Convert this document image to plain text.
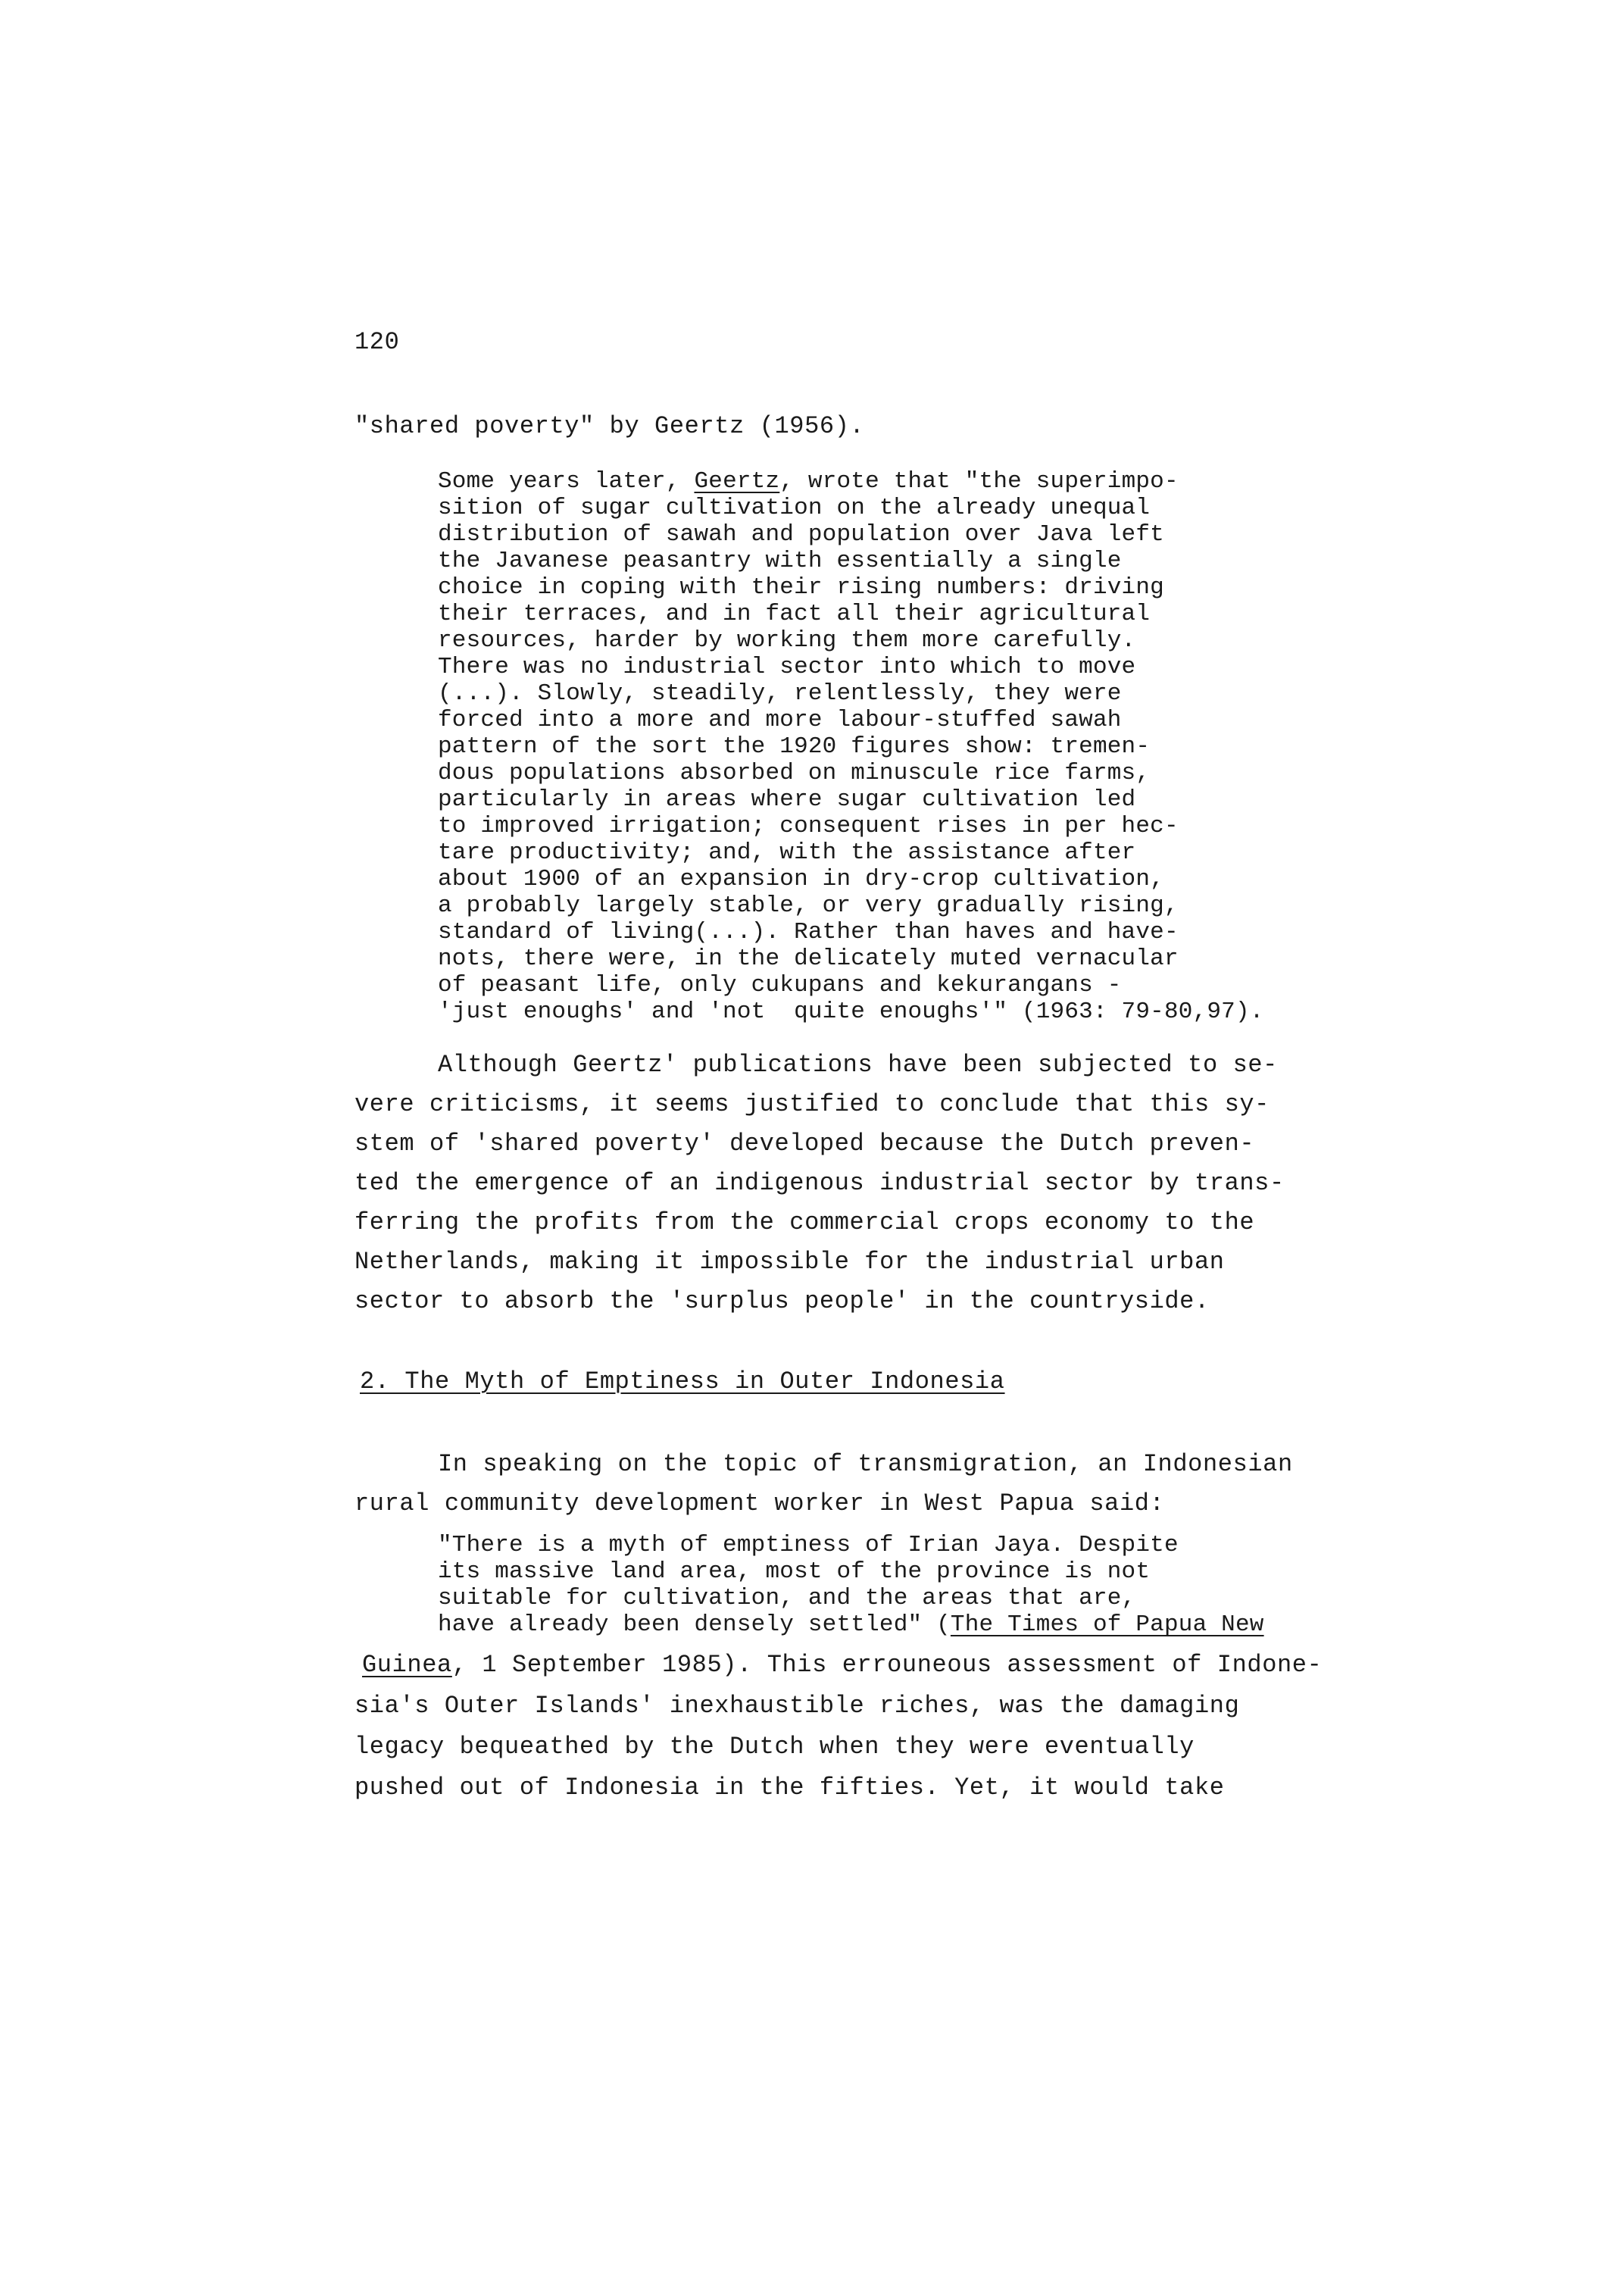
120
"shared poverty" by Geertz (1956).
Some years later, Geertz, wrote that "the superimpo-
sition of sugar cultivation on the already unequal
distribution of sawah and population over Java left
the Javanese peasantry with essentially a single
choice in coping with their rising numbers: driving
their terraces, and in fact all their agricultural
resources, harder by working them more carefully.
There was no industrial sector into which to move
(...). Slowly, steadily, relentlessly, they were
forced into a more and more labour-stuffed sawah
pattern of the sort the 1920 figures show: tremen-
dous populations absorbed on minuscule rice farms,
particularly in areas where sugar cultivation led
to improved irrigation; consequent rises in per hec-
tare productivity; and, with the assistance after
about 1900 of an expansion in dry-crop cultivation,
a probably largely stable, or very gradually rising,
standard of living(...). Rather than haves and have-
nots, there were, in the delicately muted vernacular
of peasant life, only cukupans and kekurangans -
'just enoughs' and 'not  quite enoughs'" (1963: 79-80,97).
Although Geertz' publications have been subjected to se-
vere criticisms, it seems justified to conclude that this sy-
stem of 'shared poverty' developed because the Dutch preven-
ted the emergence of an indigenous industrial sector by trans-
ferring the profits from the commercial crops economy to the
Netherlands, making it impossible for the industrial urban
sector to absorb the 'surplus people' in the countryside.
2. The Myth of Emptiness in Outer Indonesia
In speaking on the topic of transmigration, an Indonesian
rural community development worker in West Papua said:
"There is a myth of emptiness of Irian Jaya. Despite
its massive land area, most of the province is not
suitable for cultivation, and the areas that are,
have already been densely settled" (The Times of Papua New
Guinea, 1 September 1985). This errouneous assessment of Indone-
sia's Outer Islands' inexhaustible riches, was the damaging
legacy bequeathed by the Dutch when they were eventually
pushed out of Indonesia in the fifties. Yet, it would take
